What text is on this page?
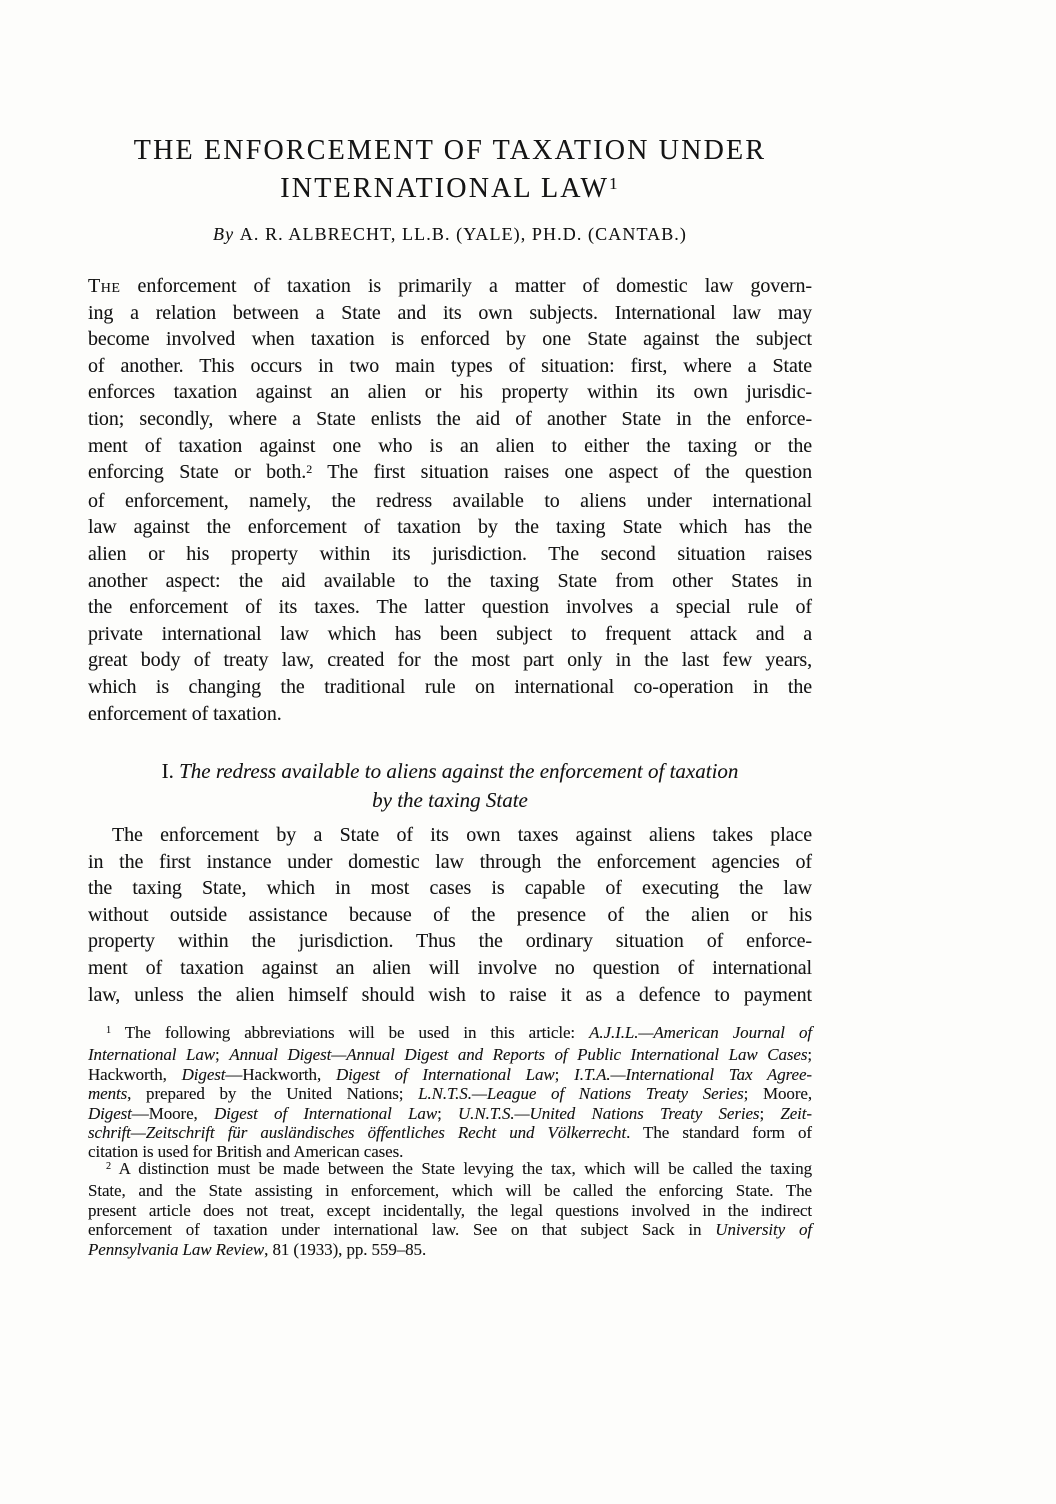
THE ENFORCEMENT OF TAXATION UNDER
INTERNATIONAL LAW$^1$
By A. R. ALBRECHT, LL.B. (YALE), PH.D. (CANTAB.)
The enforcement of taxation is primarily a matter of domestic law govern-
ing a relation between a State and its own subjects. International law may
become involved when taxation is enforced by one State against the subject
of another. This occurs in two main types of situation: first, where a State
enforces taxation against an alien or his property within its own jurisdic-
tion; secondly, where a State enlists the aid of another State in the enforce-
ment of taxation against one who is an alien to either the taxing or the
enforcing State or both.$^2$ The first situation raises one aspect of the question
of enforcement, namely, the redress available to aliens under international
law against the enforcement of taxation by the taxing State which has the
alien or his property within its jurisdiction. The second situation raises
another aspect: the aid available to the taxing State from other States in
the enforcement of its taxes. The latter question involves a special rule of
private international law which has been subject to frequent attack and a
great body of treaty law, created for the most part only in the last few years,
which is changing the traditional rule on international co-operation in the
enforcement of taxation.
I. The redress available to aliens against the enforcement of taxation
by the taxing State
The enforcement by a State of its own taxes against aliens takes place
in the first instance under domestic law through the enforcement agencies of
the taxing State, which in most cases is capable of executing the law
without outside assistance because of the presence of the alien or his
property within the jurisdiction. Thus the ordinary situation of enforce-
ment of taxation against an alien will involve no question of international
law, unless the alien himself should wish to raise it as a defence to payment
$^1$ The following abbreviations will be used in this article: A.J.I.L.—American Journal of
International Law; Annual Digest—Annual Digest and Reports of Public International Law Cases;
Hackworth, Digest—Hackworth, Digest of International Law; I.T.A.—International Tax Agree-
ments, prepared by the United Nations; L.N.T.S.—League of Nations Treaty Series; Moore,
Digest—Moore, Digest of International Law; U.N.T.S.—United Nations Treaty Series; Zeit-
schrift—Zeitschrift für ausländisches öffentliches Recht und Völkerrecht. The standard form of
citation is used for British and American cases.
$^2$ A distinction must be made between the State levying the tax, which will be called the taxing
State, and the State assisting in enforcement, which will be called the enforcing State. The
present article does not treat, except incidentally, the legal questions involved in the indirect
enforcement of taxation under international law. See on that subject Sack in University of
Pennsylvania Law Review, 81 (1933), pp. 559–85.
